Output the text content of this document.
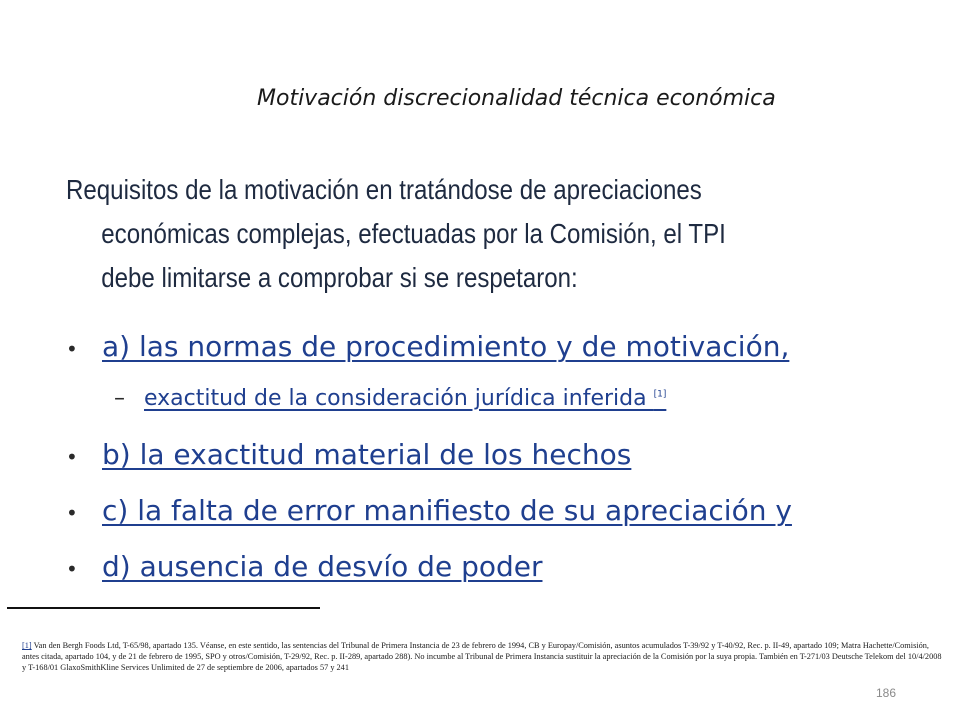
Motivación discrecionalidad técnica económica
Requisitos de la motivación en tratándose de apreciaciones
económicas complejas, efectuadas por la Comisión, el TPI debe limitarse a comprobar si se respetaron:
• a) las normas de procedimiento y de motivación,
– exactitud de la consideración jurídica inferida [1]
• b) la exactitud material de los hechos
• c) la falta de error manifiesto de su apreciación y
• d) ausencia de desvío de poder
[1] Van den Bergh Foods Ltd, T-65/98, apartado 135. Véanse, en este sentido, las sentencias del Tribunal de Primera Instancia de 23 de febrero de 1994, CB y Europay/Comisión, asuntos acumulados T-39/92 y T-40/92, Rec. p. II-49, apartado 109; Matra Hachette/Comisión, antes citada, apartado 104, y de 21 de febrero de 1995, SPO y otros/Comisión, T-29/92, Rec. p. II-289, apartado 288). No incumbe al Tribunal de Primera Instancia sustituir la apreciación de la Comisión por la suya propia. También en T-271/03 Deutsche Telekom del 10/4/2008 y T-168/01 GlaxoSmithKline Services Unlimited de 27 de septiembre de 2006, apartados 57 y 241
186
